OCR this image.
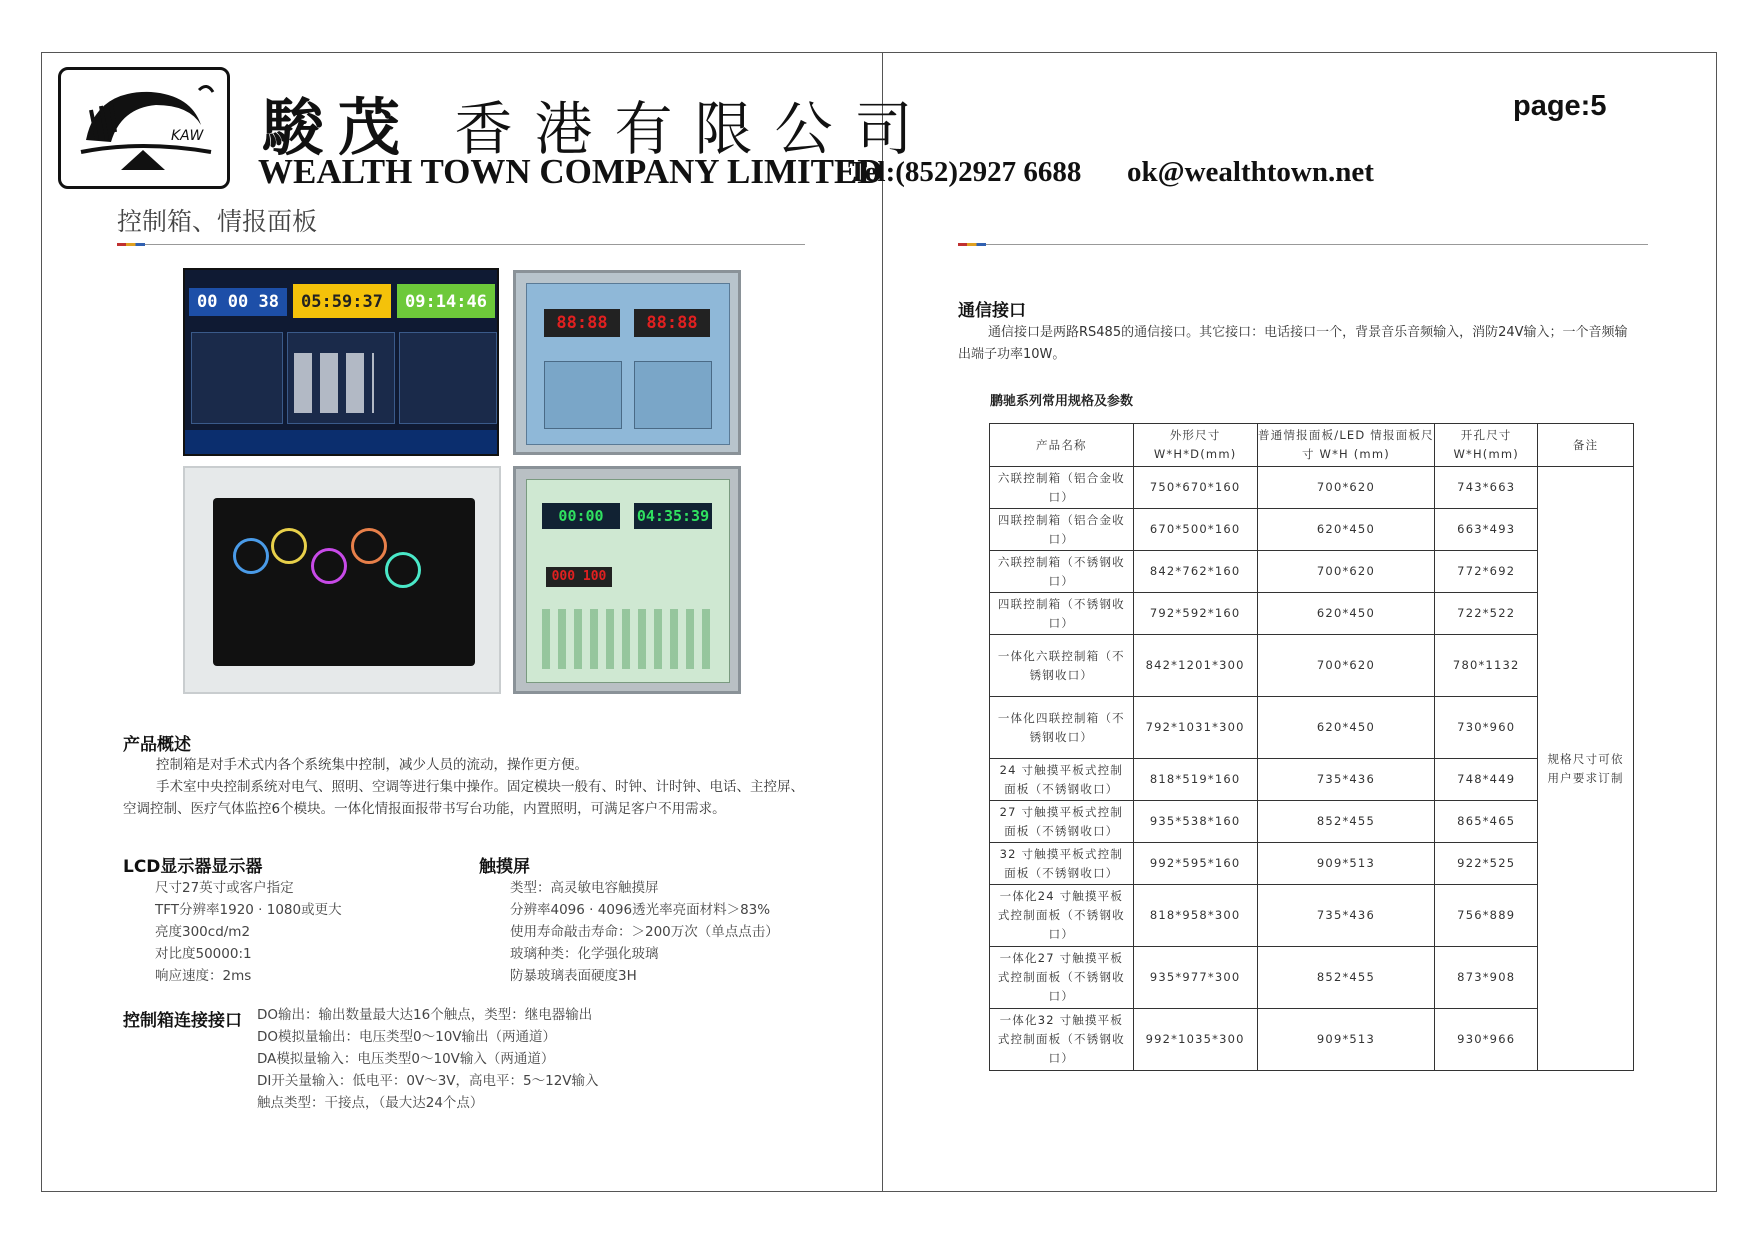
KAW 駿茂 香港有限公司
WEALTH TOWN COMPANY LIMITED
Tel:(852)2927 6688 ok@wealthtown.net
page:5
控制箱、情报面板
00 00 38	05:59:37	09:14:46
88:88	88:88
00:00	04:35:39
000 100
产品概述
控制箱是对手术式内各个系统集中控制，减少人员的流动，操作更方便。
手术室中央控制系统对电气、照明、空调等进行集中操作。固定模块一般有、时钟、计时钟、电话、主控屏、空调控制、医疗气体监控6个模块。一体化情报面报带书写台功能，内置照明，可满足客户不用需求。
LCD显示器显示器
尺寸27英寸或客户指定
TFT分辨率1920 · 1080或更大
亮度300cd/m2
对比度50000:1
响应速度：2ms
触摸屏
类型：高灵敏电容触摸屏
分辨率4096 · 4096透光率亮面材料＞83%
使用寿命敲击寿命：＞200万次（单点点击）
玻璃种类：化学强化玻璃
防暴玻璃表面硬度3H
控制箱连接接口 DO输出：输出数量最大达16个触点，类型：继电器输出
DO模拟量输出：电压类型0～10V输出（两通道）
DA模拟量输入：电压类型0～10V输入（两通道）
DI开关量输入：低电平：0V～3V，高电平：5～12V输入
触点类型：干接点，（最大达24个点）
通信接口
通信接口是两路RS485的通信接口。其它接口：电话接口一个，背景音乐音频输入，消防24V输入；一个音频输出端子功率10W。
鹏驰系列常用规格及参数
产品名称	外形尺寸 W*H*D(mm)	普通情报面板/LED 情报面板尺寸 W*H (mm)	开孔尺寸 W*H(mm)	备注
六联控制箱（铝合金收口）	750*670*160	700*620	743*663	规格尺寸可依用户要求订制
四联控制箱（铝合金收口）	670*500*160	620*450	663*493	
六联控制箱（不锈钢收口）	842*762*160	700*620	772*692	
四联控制箱（不锈钢收口）	792*592*160	620*450	722*522	
一体化六联控制箱（不锈钢收口）	842*1201*300	700*620	780*1132	
一体化四联控制箱（不锈钢收口）	792*1031*300	620*450	730*960	
24 寸触摸平板式控制面板（不锈钢收口）	818*519*160	735*436	748*449	
27 寸触摸平板式控制面板（不锈钢收口）	935*538*160	852*455	865*465	
32 寸触摸平板式控制面板（不锈钢收口）	992*595*160	909*513	922*525	
一体化24 寸触摸平板式控制面板（不锈钢收口）	818*958*300	735*436	756*889	
一体化27 寸触摸平板式控制面板（不锈钢收口）	935*977*300	852*455	873*908	
一体化32 寸触摸平板式控制面板（不锈钢收口）	992*1035*300	909*513	930*966	
